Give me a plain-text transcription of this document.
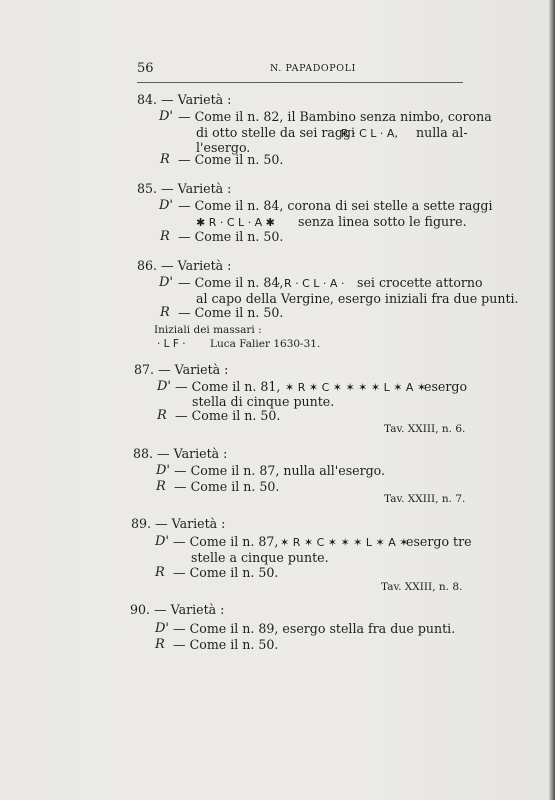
56	N. PAPADOPOLI
84. — Varietà :
D' — Come il n. 82, il Bambino senza nimbo, corona
di otto stelle da sei raggi
R · C L · A, nulla al-
l'esergo.
R — Come il n. 50.
85. — Varietà :
D' — Come il n. 84, corona di sei stelle a sette raggi
✱ R · C L · A ✱ senza linea sotto le figure.
R — Come il n. 50.
86. — Varietà :
D' — Come il n. 84,
· R · C L · A · sei crocette attorno
al capo della Vergine, esergo iniziali fra due punti.
R — Come il n. 50.
Iniziali dei massari :
· L F · Luca Falier 1630-31.
87. — Varietà :
D' — Come il n. 81, ✶ R ✶ C ✶ ✶ ✶ ✶ L ✶ A ✶
esergo
stella di cinque punte.
R — Come il n. 50.
Tav. XXIII, n. 6.
88. — Varietà :
D' — Come il n. 87, nulla all'esergo.
R — Come il n. 50.
Tav. XXIII, n. 7.
89. — Varietà :
D' — Come il n. 87, ✶ R ✶ C ✶ ✶ ✶ L ✶ A ✶
esergo tre
stelle a cinque punte.
R — Come il n. 50.
Tav. XXIII, n. 8.
90. — Varietà :
D' — Come il n. 89, esergo stella fra due punti.
R — Come il n. 50.
